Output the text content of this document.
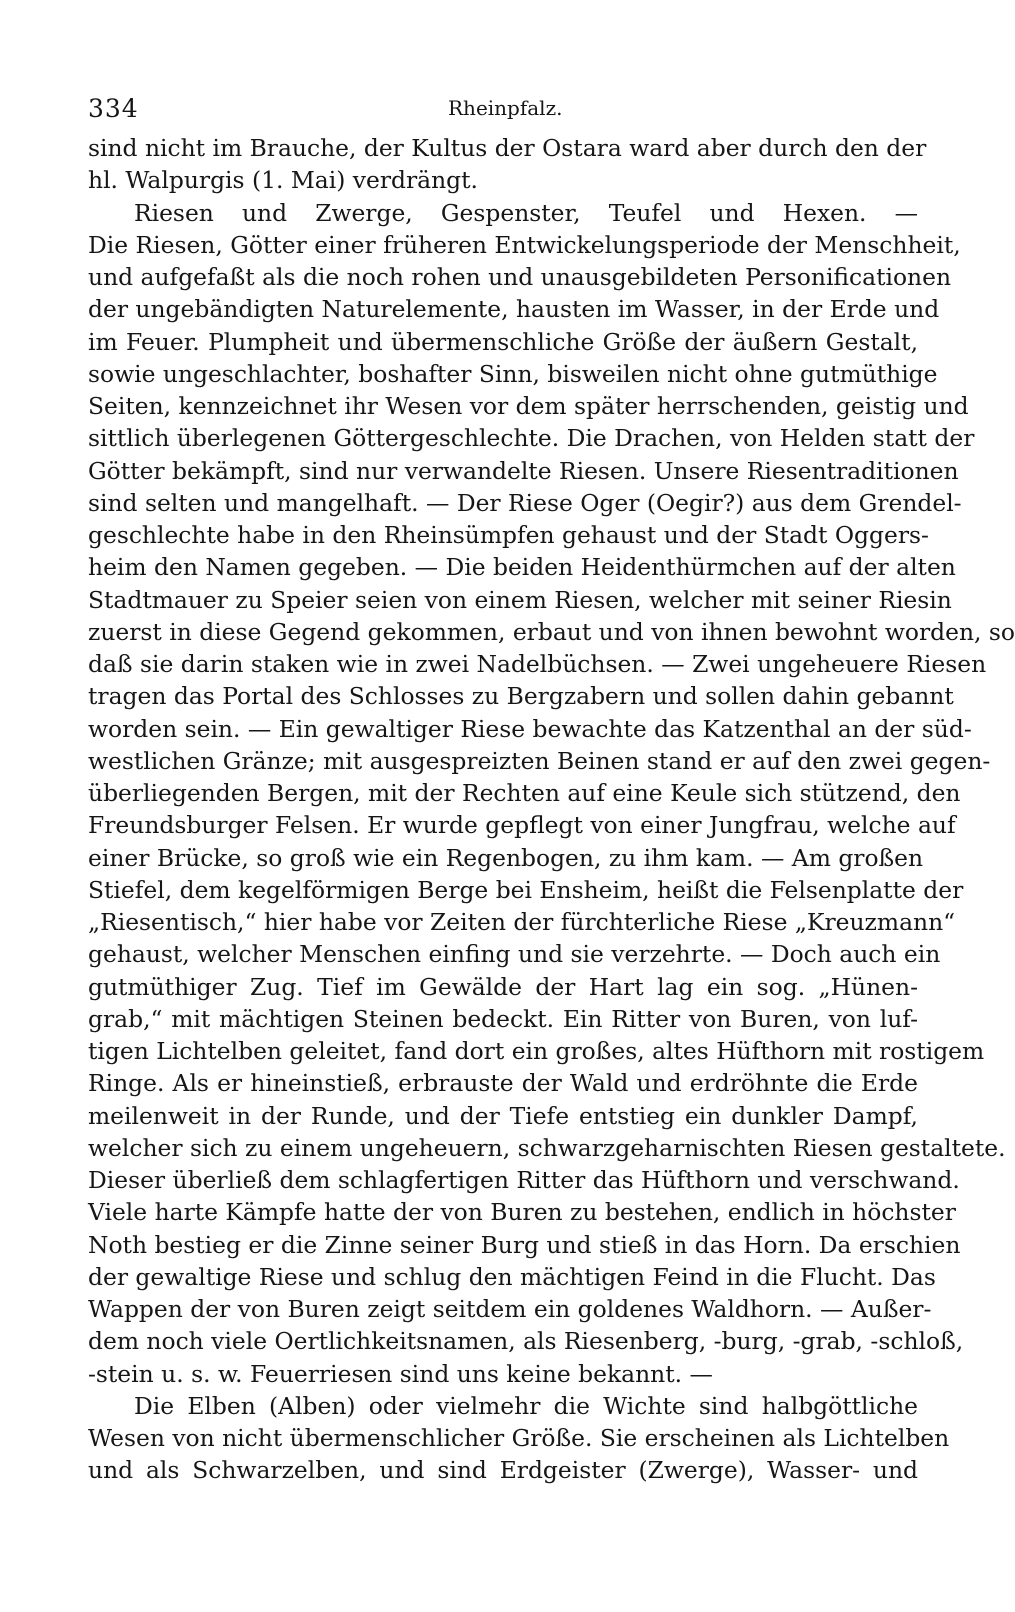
334	Rheinpfalz.
sind nicht im Brauche, der Kultus der Ostara ward aber durch den der
hl. Walpurgis (1. Mai) verdrängt.
Riesen und Zwerge, Gespenster, Teufel und Hexen. —
Die Riesen, Götter einer früheren Entwickelungsperiode der Menschheit,
und aufgefaßt als die noch rohen und unausgebildeten Personificationen
der ungebändigten Naturelemente, hausten im Wasser, in der Erde und
im Feuer. Plumpheit und übermenschliche Größe der äußern Gestalt,
sowie ungeschlachter, boshafter Sinn, bisweilen nicht ohne gutmüthige
Seiten, kennzeichnet ihr Wesen vor dem später herrschenden, geistig und
sittlich überlegenen Göttergeschlechte. Die Drachen, von Helden statt der
Götter bekämpft, sind nur verwandelte Riesen. Unsere Riesentraditionen
sind selten und mangelhaft. — Der Riese Oger (Oegir?) aus dem Grendel-
geschlechte habe in den Rheinsümpfen gehaust und der Stadt Oggers-
heim den Namen gegeben. — Die beiden Heidenthürmchen auf der alten
Stadtmauer zu Speier seien von einem Riesen, welcher mit seiner Riesin
zuerst in diese Gegend gekommen, erbaut und von ihnen bewohnt worden, so
daß sie darin staken wie in zwei Nadelbüchsen. — Zwei ungeheuere Riesen
tragen das Portal des Schlosses zu Bergzabern und sollen dahin gebannt
worden sein. — Ein gewaltiger Riese bewachte das Katzenthal an der süd-
westlichen Gränze; mit ausgespreizten Beinen stand er auf den zwei gegen-
überliegenden Bergen, mit der Rechten auf eine Keule sich stützend, den
Freundsburger Felsen. Er wurde gepflegt von einer Jungfrau, welche auf
einer Brücke, so groß wie ein Regenbogen, zu ihm kam. — Am großen
Stiefel, dem kegelförmigen Berge bei Ensheim, heißt die Felsenplatte der
„Riesentisch,“ hier habe vor Zeiten der fürchterliche Riese „Kreuzmann“
gehaust, welcher Menschen einfing und sie verzehrte. — Doch auch ein
gutmüthiger Zug. Tief im Gewälde der Hart lag ein sog. „Hünen-
grab,“ mit mächtigen Steinen bedeckt. Ein Ritter von Buren, von luf-
tigen Lichtelben geleitet, fand dort ein großes, altes Hüfthorn mit rostigem
Ringe. Als er hineinstieß, erbrauste der Wald und erdröhnte die Erde
meilenweit in der Runde, und der Tiefe entstieg ein dunkler Dampf,
welcher sich zu einem ungeheuern, schwarzgeharnischten Riesen gestaltete.
Dieser überließ dem schlagfertigen Ritter das Hüfthorn und verschwand.
Viele harte Kämpfe hatte der von Buren zu bestehen, endlich in höchster
Noth bestieg er die Zinne seiner Burg und stieß in das Horn. Da erschien
der gewaltige Riese und schlug den mächtigen Feind in die Flucht. Das
Wappen der von Buren zeigt seitdem ein goldenes Waldhorn. — Außer-
dem noch viele Oertlichkeitsnamen, als Riesenberg, -burg, -grab, -schloß,
-stein u. s. w. Feuerriesen sind uns keine bekannt. —
Die Elben (Alben) oder vielmehr die Wichte sind halbgöttliche
Wesen von nicht übermenschlicher Größe. Sie erscheinen als Lichtelben
und als Schwarzelben, und sind Erdgeister (Zwerge), Wasser- und
